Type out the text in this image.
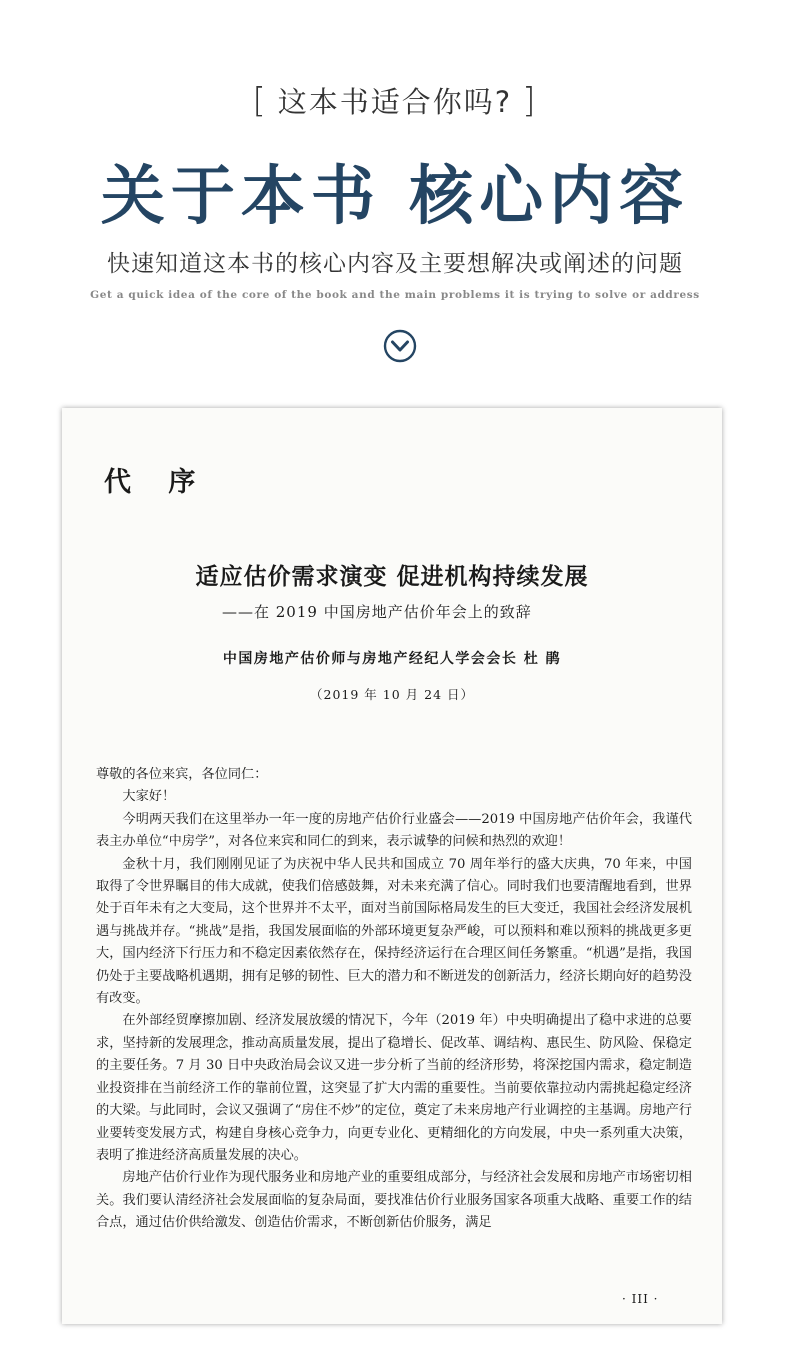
[ 这本书适合你吗? ]
关于本书 核心内容
快速知道这本书的核心内容及主要想解决或阐述的问题
Get a quick idea of the core of the book and the main problems it is trying to solve or address
代 序
适应估价需求演变 促进机构持续发展
——在 2019 中国房地产估价年会上的致辞
中国房地产估价师与房地产经纪人学会会长 杜 鹃
（2019 年 10 月 24 日）

尊敬的各位来宾，各位同仁：

大家好！

今明两天我们在这里举办一年一度的房地产估价行业盛会——2019 中国房地产估价年会，我谨代表主办单位“中房学”，对各位来宾和同仁的到来，表示诚挚的问候和热烈的欢迎！

金秋十月，我们刚刚见证了为庆祝中华人民共和国成立 70 周年举行的盛大庆典，70 年来，中国取得了令世界瞩目的伟大成就，使我们倍感鼓舞，对未来充满了信心。同时我们也要清醒地看到，世界处于百年未有之大变局，这个世界并不太平，面对当前国际格局发生的巨大变迁，我国社会经济发展机遇与挑战并存。“挑战”是指，我国发展面临的外部环境更复杂严峻，可以预料和难以预料的挑战更多更大，国内经济下行压力和不稳定因素依然存在，保持经济运行在合理区间任务繁重。“机遇”是指，我国仍处于主要战略机遇期，拥有足够的韧性、巨大的潜力和不断迸发的创新活力，经济长期向好的趋势没有改变。

在外部经贸摩擦加剧、经济发展放缓的情况下，今年（2019 年）中央明确提出了稳中求进的总要求，坚持新的发展理念，推动高质量发展，提出了稳增长、促改革、调结构、惠民生、防风险、保稳定的主要任务。7 月 30 日中央政治局会议又进一步分析了当前的经济形势，将深挖国内需求，稳定制造业投资排在当前经济工作的靠前位置，这突显了扩大内需的重要性。当前要依靠拉动内需挑起稳定经济的大梁。与此同时，会议又强调了“房住不炒”的定位，奠定了未来房地产行业调控的主基调。房地产行业要转变发展方式，构建自身核心竞争力，向更专业化、更精细化的方向发展，中央一系列重大决策，表明了推进经济高质量发展的决心。

房地产估价行业作为现代服务业和房地产业的重要组成部分，与经济社会发展和房地产市场密切相关。我们要认清经济社会发展面临的复杂局面，要找准估价行业服务国家各项重大战略、重要工作的结合点，通过估价供给激发、创造估价需求，不断创新估价服务，满足

· III ·
